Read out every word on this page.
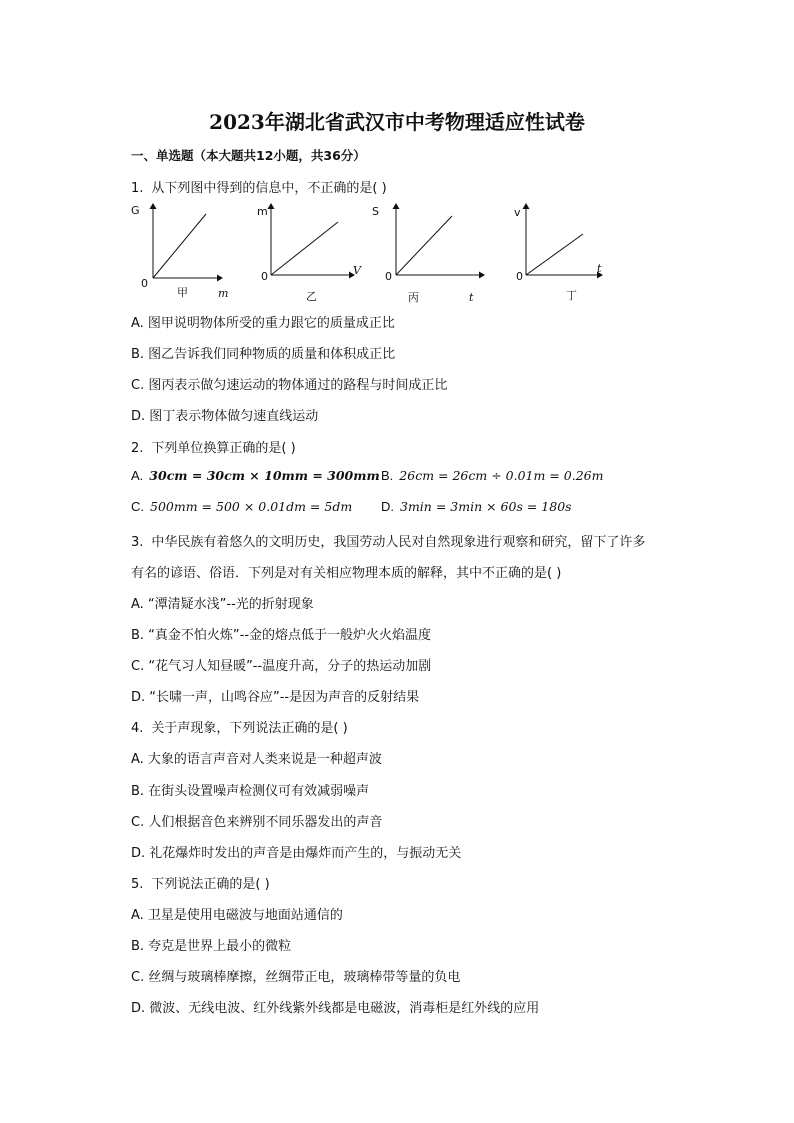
2023年湖北省武汉市中考物理适应性试卷
一、单选题（本大题共12小题，共36分）
1. 从下列图中得到的信息中，不正确的是( )
G
0
m
甲
m
0	V
乙
S
0
t
丙
v
0
t
丁
A. 图甲说明物体所受的重力跟它的质量成正比
B. 图乙告诉我们同种物质的质量和体积成正比
C. 图丙表示做匀速运动的物体通过的路程与时间成正比
D. 图丁表示物体做匀速直线运动
2. 下列单位换算正确的是( )
A. 30cm = 30cm × 10mm = 300mm B. 26cm = 26cm ÷ 0.01m = 0.26m
C. 500mm = 500 × 0.01dm = 5dm D. 3min = 3min × 60s = 180s
3. 中华民族有着悠久的文明历史，我国劳动人民对自然现象进行观察和研究，留下了许多
有名的谚语、俗语．下列是对有关相应物理本质的解释，其中不正确的是( )
A. “潭清疑水浅”--光的折射现象
B. “真金不怕火炼”--金的熔点低于一般炉火火焰温度
C. “花气习人知昼暖”--温度升高，分子的热运动加剧
D. “长啸一声，山鸣谷应”--是因为声音的反射结果
4. 关于声现象，下列说法正确的是( )
A. 大象的语言声音对人类来说是一种超声波
B. 在街头设置噪声检测仪可有效减弱噪声
C. 人们根据音色来辨别不同乐器发出的声音
D. 礼花爆炸时发出的声音是由爆炸而产生的，与振动无关
5. 下列说法正确的是( )
A. 卫星是使用电磁波与地面站通信的
B. 夸克是世界上最小的微粒
C. 丝绸与玻璃棒摩擦，丝绸带正电，玻璃棒带等量的负电
D. 微波、无线电波、红外线紫外线都是电磁波，消毒柜是红外线的应用
